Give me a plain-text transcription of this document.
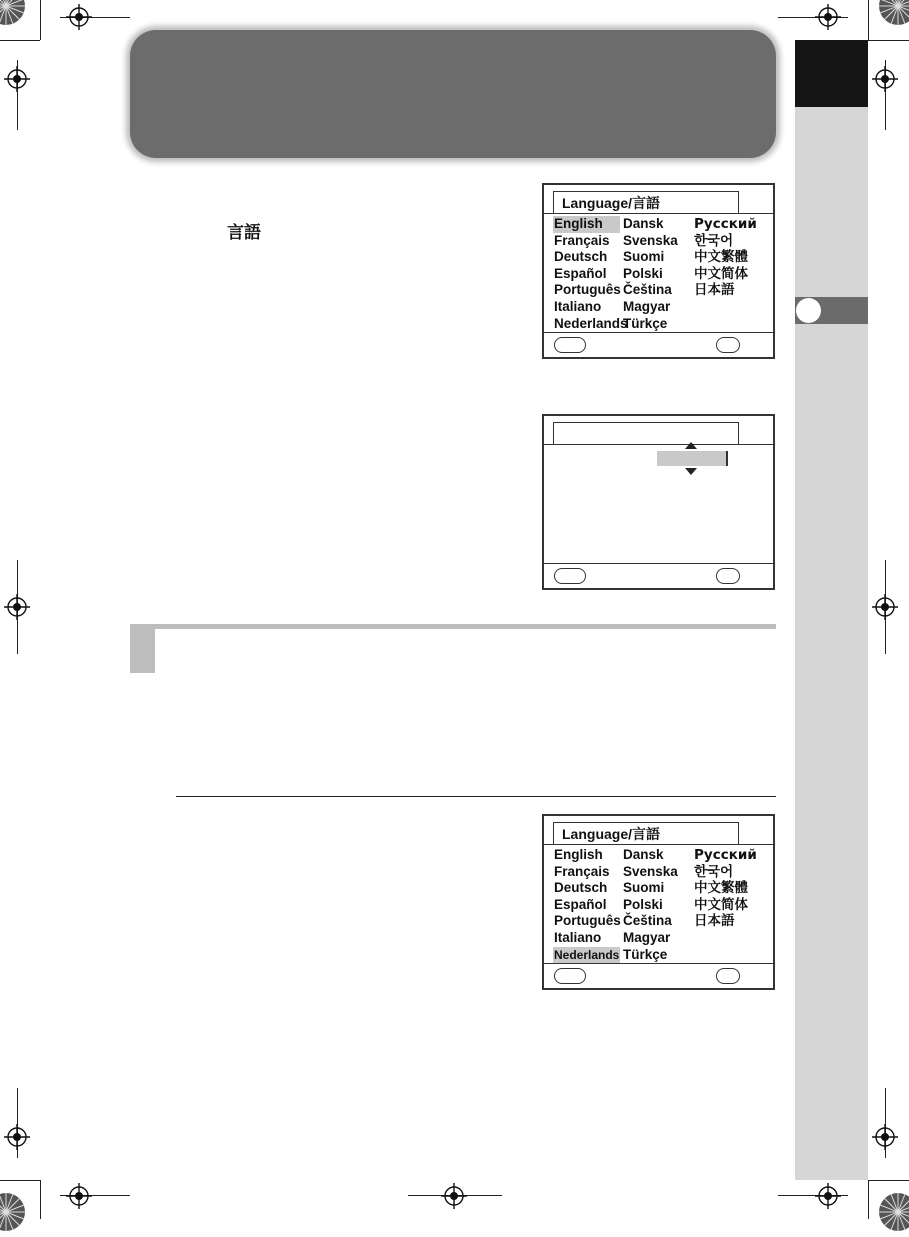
言語
Language/言語
English
Français
Deutsch
Español
Português
Italiano
Nederlands
Dansk
Svenska
Suomi
Polski
Čeština
Magyar
Türkçe
Русский
한국어
中文繁體
中文简体
日本語
Language/言語
English
Français
Deutsch
Español
Português
Italiano
Nederlands
Dansk
Svenska
Suomi
Polski
Čeština
Magyar
Türkçe
Русский
한국어
中文繁體
中文简体
日本語
